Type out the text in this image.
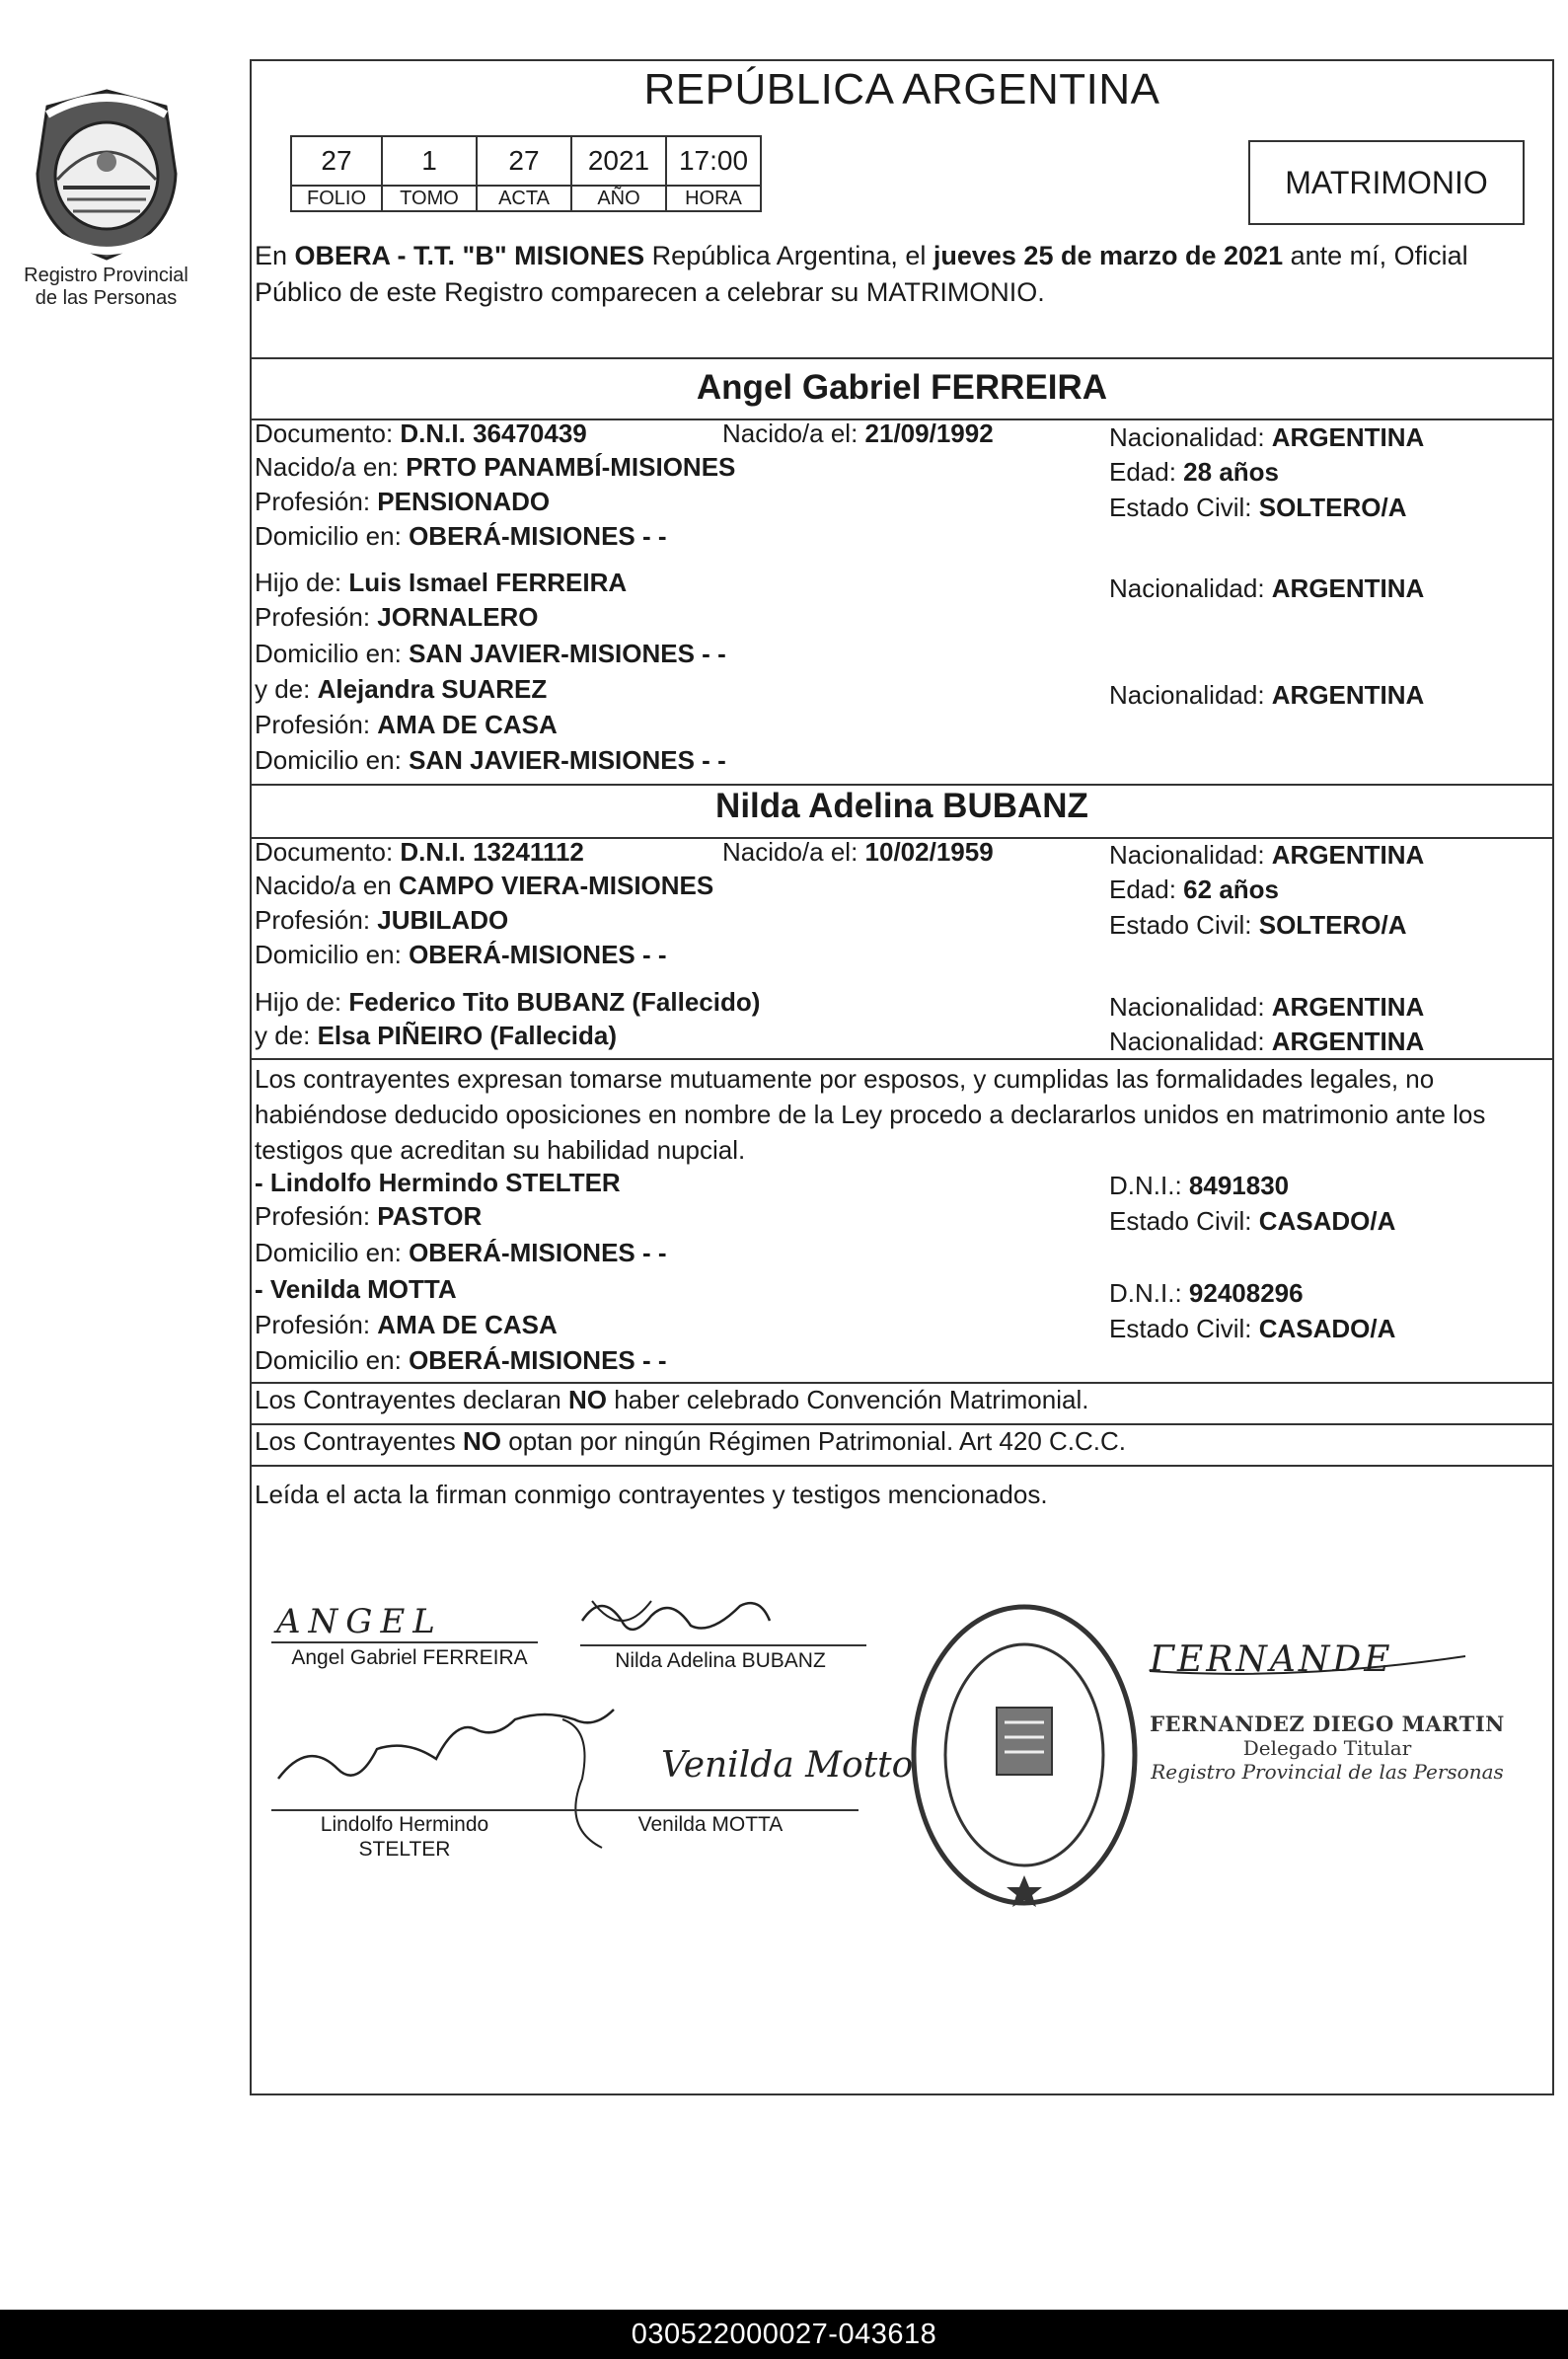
Registro Provincial
de las Personas
REPÚBLICA ARGENTINA
27	1	27	2021	17:00
FOLIO	TOMO	ACTA	AÑO	HORA	MATRIMONIO
En OBERA - T.T. "B" MISIONES República Argentina, el jueves 25 de marzo de 2021 ante mí, Oficial Público de este Registro comparecen a celebrar su MATRIMONIO.
Angel Gabriel FERREIRA
Documento: D.N.I. 36470439	Nacido/a el: 21/09/1992	Nacionalidad: ARGENTINA
Nacido/a en: PRTO PANAMBÍ-MISIONES	Edad: 28 años
Profesión: PENSIONADO	Estado Civil: SOLTERO/A
Domicilio en: OBERÁ-MISIONES - -
Hijo de: Luis Ismael FERREIRA	Nacionalidad: ARGENTINA
Profesión: JORNALERO
Domicilio en: SAN JAVIER-MISIONES - -
y de: Alejandra SUAREZ	Nacionalidad: ARGENTINA
Profesión: AMA DE CASA
Domicilio en: SAN JAVIER-MISIONES - -
Nilda Adelina BUBANZ
Documento: D.N.I. 13241112	Nacido/a el: 10/02/1959	Nacionalidad: ARGENTINA
Nacido/a en CAMPO VIERA-MISIONES	Edad: 62 años
Profesión: JUBILADO	Estado Civil: SOLTERO/A
Domicilio en: OBERÁ-MISIONES - -
Hijo de: Federico Tito BUBANZ (Fallecido)	Nacionalidad: ARGENTINA
y de: Elsa PIÑEIRO (Fallecida)	Nacionalidad: ARGENTINA
Los contrayentes expresan tomarse mutuamente por esposos, y cumplidas las formalidades legales, no habiéndose deducido oposiciones en nombre de la Ley procedo a declararlos unidos en matrimonio ante los testigos que acreditan su habilidad nupcial.
- Lindolfo Hermindo STELTER	D.N.I.: 8491830
Profesión: PASTOR	Estado Civil: CASADO/A
Domicilio en: OBERÁ-MISIONES - -
- Venilda MOTTA	D.N.I.: 92408296
Profesión: AMA DE CASA	Estado Civil: CASADO/A
Domicilio en: OBERÁ-MISIONES - -
Los Contrayentes declaran NO haber celebrado Convención Matrimonial.
Los Contrayentes NO optan por ningún Régimen Patrimonial. Art 420 C.C.C.
Leída el acta la firman conmigo contrayentes y testigos mencionados.
ANGEL
Venilda Motto
Angel Gabriel FERREIRA	Nilda Adelina BUBANZ
Lindolfo Hermindo
STELTER
Venilda MOTTA
ΓERNANDE
FERNANDEZ DIEGO MARTIN
Delegado Titular
Registro Provincial de las Personas
030522000027-043618
